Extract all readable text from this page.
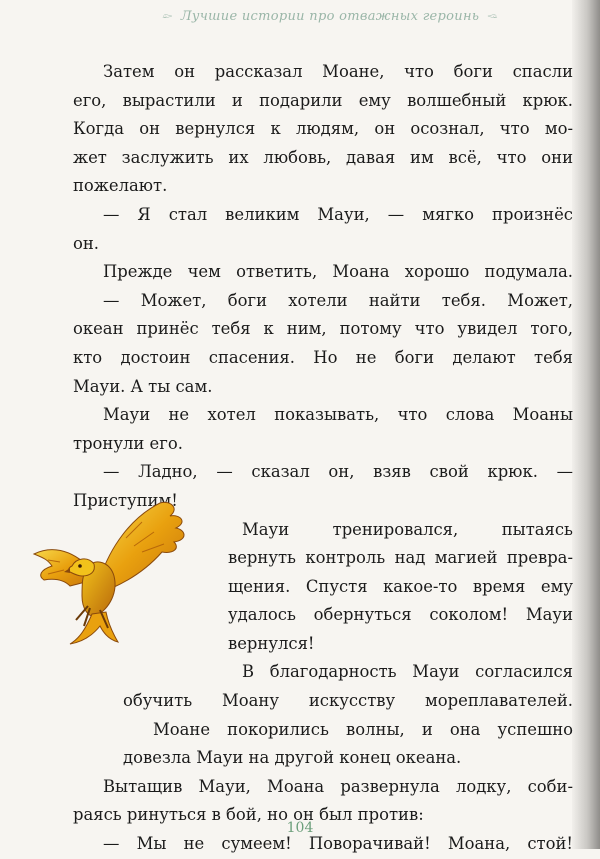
Лучшие истории про отважных героинь
Затем он рассказал Моане, что боги спасли
его, вырастили и подарили ему волшебный крюк.
Когда он вернулся к людям, он осознал, что мо-
жет заслужить их любовь, давая им всё, что они
пожелают.
— Я стал великим Мауи, — мягко произнёс
он.
Прежде чем ответить, Моана хорошо подумала.
— Может, боги хотели найти тебя. Может,
океан принёс тебя к ним, потому что увидел того,
кто достоин спасения. Но не боги делают тебя
Мауи. А ты сам.
Мауи не хотел показывать, что слова Моаны
тронули его.
— Ладно, — сказал он, взяв свой крюк. —
Приступим!
Мауи тренировался, пытаясь
вернуть контроль над магией превра-
щения. Спустя какое-то время ему
удалось обернуться соколом! Мауи
вернулся!
В благодарность Мауи согласился
обучить Моану искусству мореплавателей.
Моане покорились волны, и она успешно
довезла Мауи на другой конец океана.
Вытащив Мауи, Моана развернула лодку, соби-
раясь ринуться в бой, но он был против:
— Мы не сумеем! Поворачивай! Моана, стой!
104
